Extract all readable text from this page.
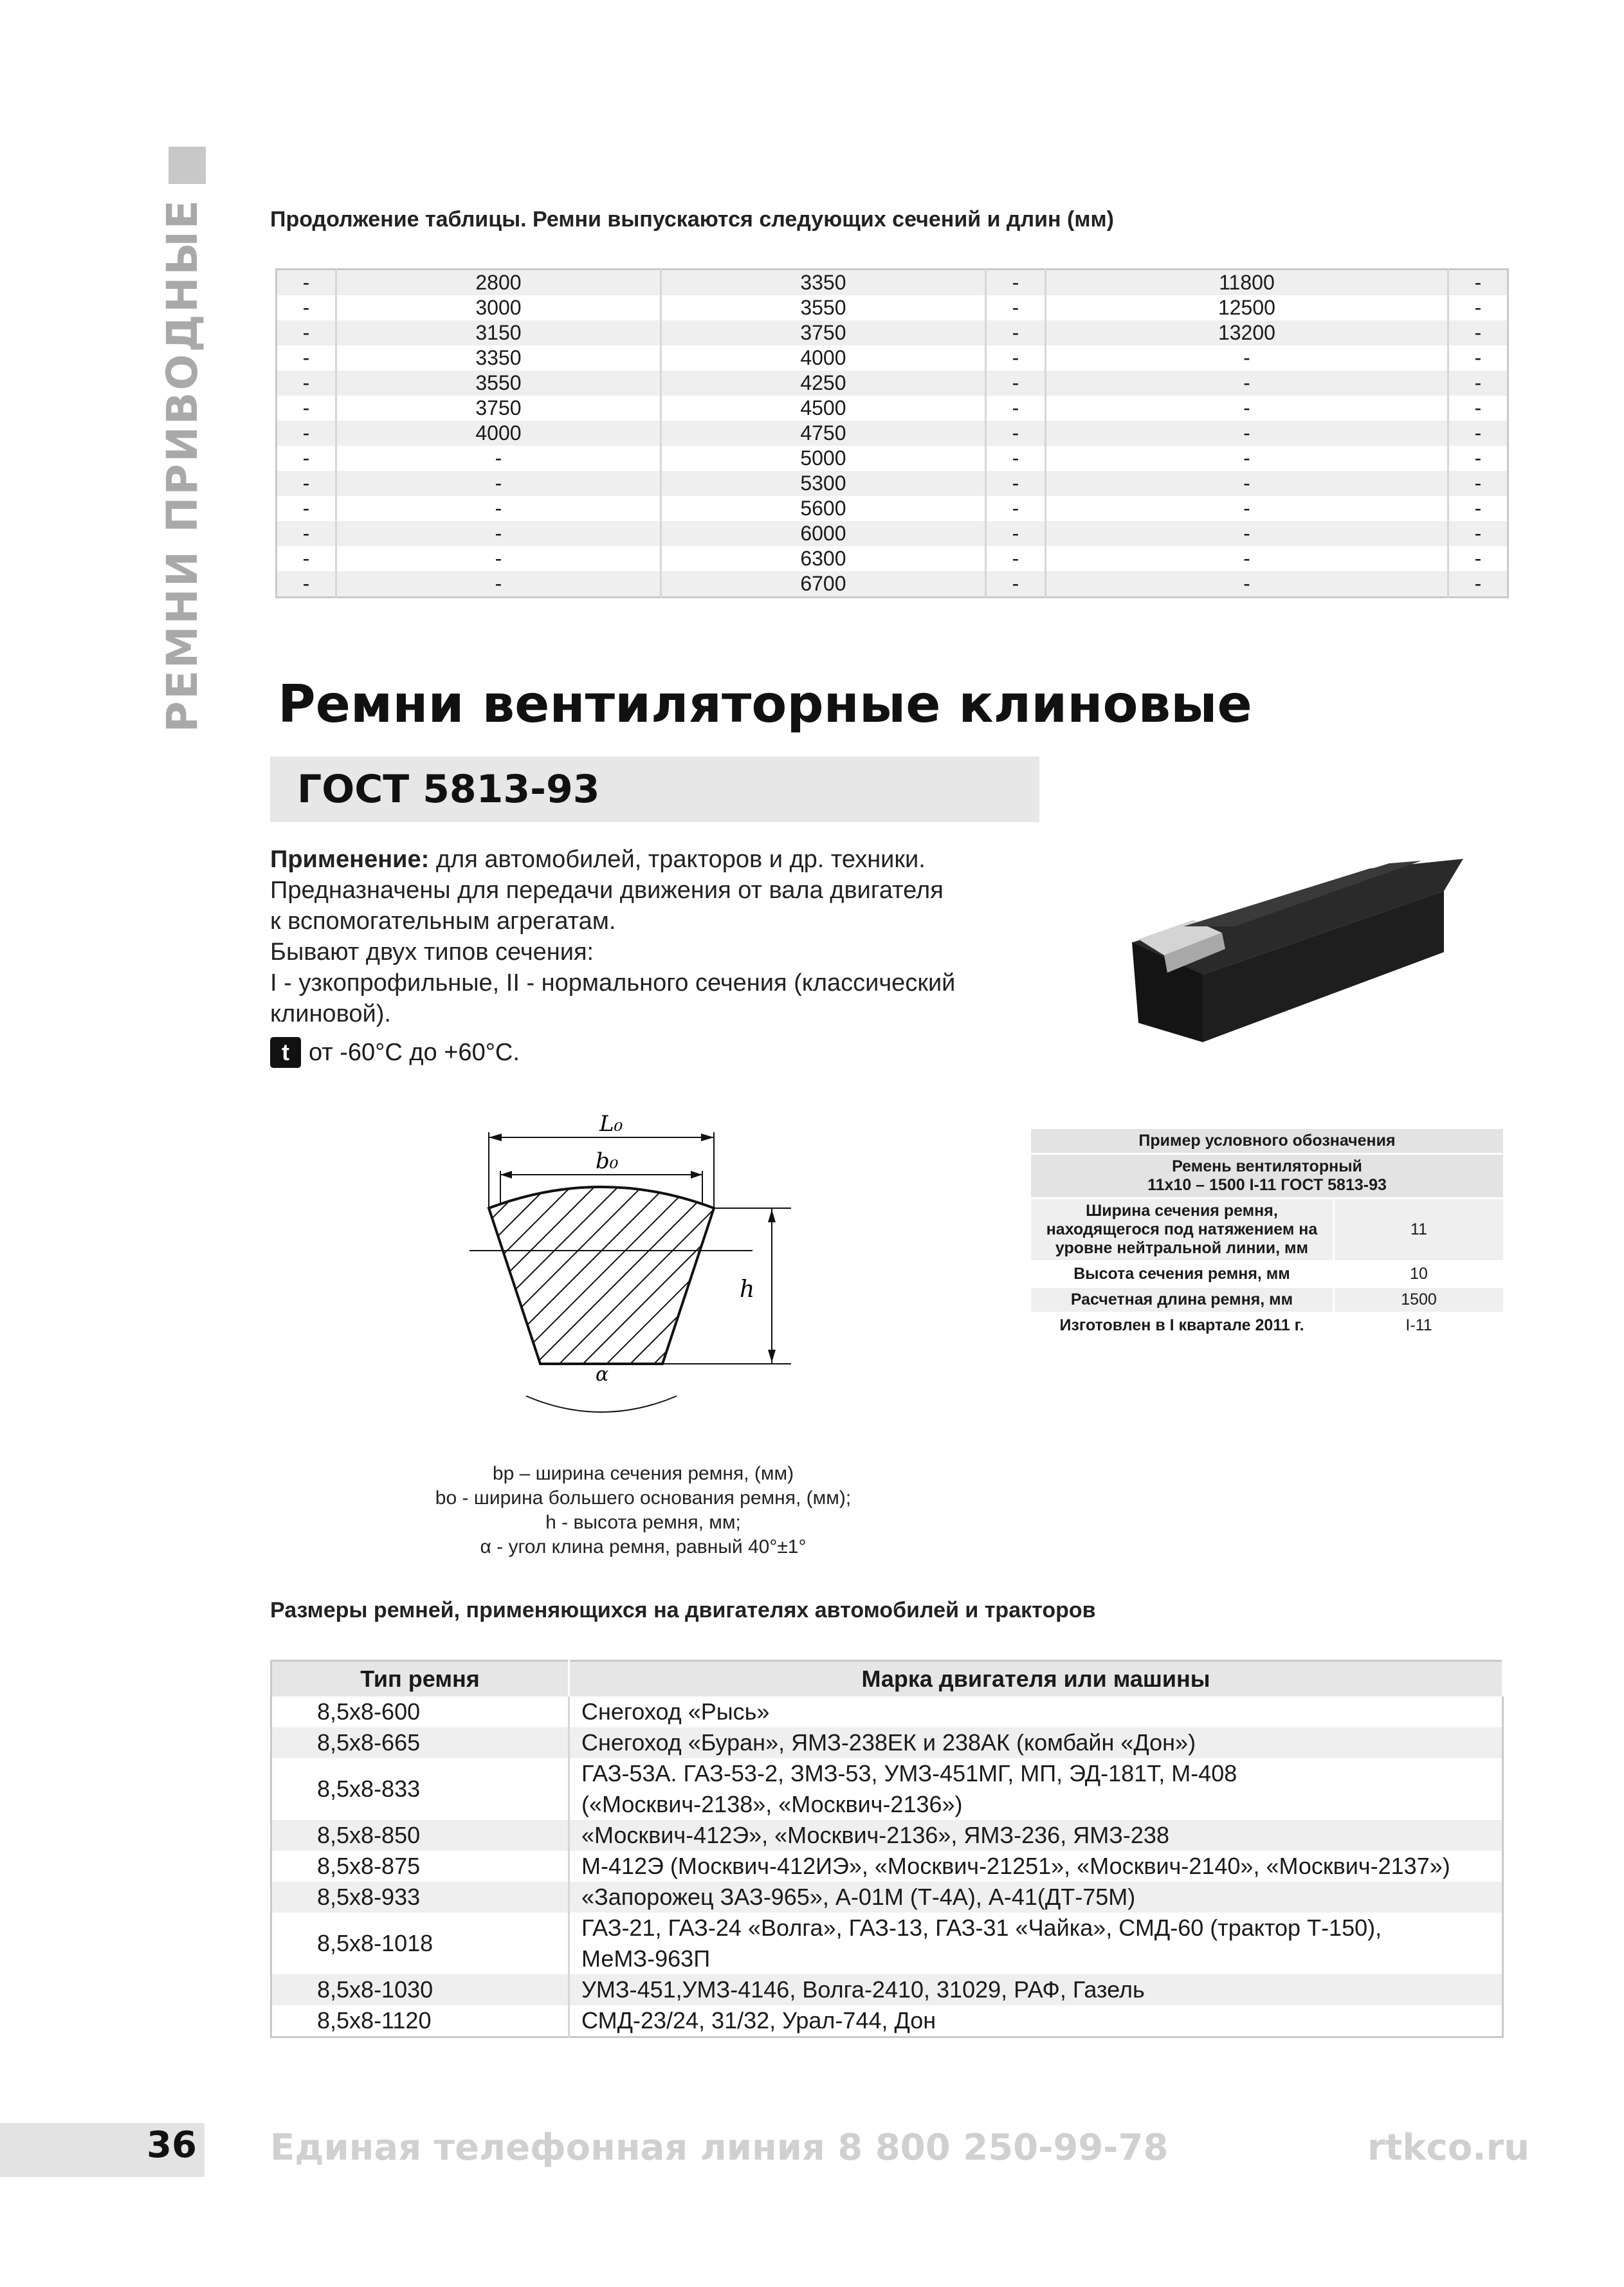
РЕМНИ ПРИВОДНЫЕ	Продолжение таблицы. Ремни выпускаются следующих сечений и длин (мм)
-	2800	3350	-	11800	-
-	3000	3550	-	12500	-
-	3150	3750	-	13200	-
-	3350	4000	-	-	-
-	3550	4250	-	-	-
-	3750	4500	-	-	-
-	4000	4750	-	-	-
-	-	5000	-	-	-
-	-	5300	-	-	-
-	-	5600	-	-	-
-	-	6000	-	-	-
-	-	6300	-	-	-
-	-	6700	-	-	-
Ремни вентиляторные клиновые
ГОСТ 5813-93

Применение: для автомобилей, тракторов и др. техники.

Предназначены для передачи движения от вала двигателя

к вспомогательным агрегатам.

Бывают двух типов сечения:

I - узкопрофильные, II - нормального сечения (классический

клиновой).

t от -60°С до +60°С.
L₀
b₀
h
α
Пример условного обозначения	

Ремень вентиляторный
11х10 – 1500 I-11 ГОСТ 5813-93	

Ширина сечения ремня, находящегося под натяжением на уровне нейтральной линии, мм	11
Высота сечения ремня, мм	10
Расчетная длина ремня, мм	1500
Изготовлен в I квартале 2011 г.	I-11
bp – ширина сечения ремня, (мм)
bo - ширина большего основания ремня, (мм);
h - высота ремня, мм;
α - угол клина ремня, равный 40°±1°
Размеры ремней, применяющихся на двигателях автомобилей и тракторов
Тип ремня	Марка двигателя или машины
8,5х8-600	Снегоход «Рысь»

8,5х8-665	Снегоход «Буран», ЯМЗ-238ЕК и 238АК (комбайн «Дон»)

8,5х8-833	ГАЗ-53А. ГАЗ-53-2, ЗМЗ-53, УМЗ-451МГ, МП, ЭД-181Т, М-408
(«Москвич-2138», «Москвич-2136»)

8,5х8-850	«Москвич-412Э», «Москвич-2136», ЯМЗ-236, ЯМЗ-238

8,5х8-875	М-412Э (Москвич-412ИЭ», «Москвич-21251», «Москвич-2140», «Москвич-2137»)

8,5х8-933	«Запорожец ЗАЗ-965», А-01М (Т-4А), А-41(ДТ-75М)

8,5х8-1018	ГАЗ-21, ГАЗ-24 «Волга», ГАЗ-13, ГАЗ-31 «Чайка», СМД-60 (трактор Т-150), МеМЗ-963П

8,5х8-1030	УМЗ-451,УМЗ-4146, Волга-2410, 31029, РАФ, Газель

8,5х8-1120	СМД-23/24, 31/32, Урал-744, Дон
36 Единая телефонная линия 8 800 250-99-78	rtkco.ru
